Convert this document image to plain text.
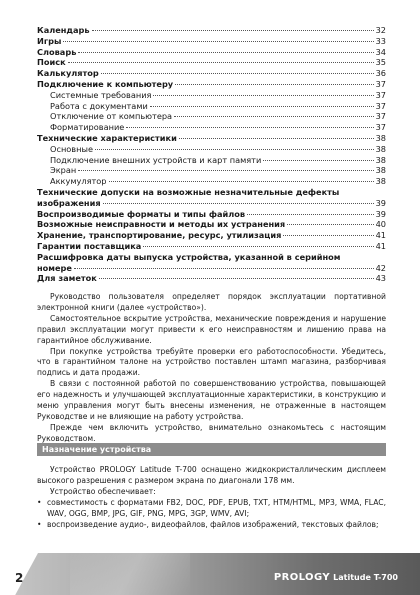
Календарь	32
Игры	33
Словарь	34
Поиск	35
Калькулятор	36
Подключение к компьютеру	37
Системные требования	37
Работа с документами	37
Отключение от компьютера	37
Форматирование	37
Технические характеристики	38
Основные	38
Подключение внешних устройств и карт памяти	38
Экран	38
Аккумулятор	38
Технические допуски на возможные незначительные дефекты
изображения	39
Воспроизводимые форматы и типы файлов	39
Возможные неисправности и методы их устранения	40
Хранение, транспортирование, ресурс, утилизация	41
Гарантии поставщика	41
Расшифровка даты выпуска устройства, указанной в серийном
номере	42
Для заметок	43

Руководство пользователя определяет порядок эксплуатации портативной электронной книги (далее «устройство»).

Самостоятельное вскрытие устройства, механические повреждения и нарушение правил эксплуатации могут привести к его неисправностям и лишению права на гарантийное обслуживание.

При покупке устройства требуйте проверки его работоспособности. Убедитесь, что в гарантийном талоне на устройство поставлен штамп магазина, разборчивая подпись и дата продажи.

В связи с постоянной работой по совершенствованию устройства, повышающей его надежность и улучшающей эксплуатационные характеристики, в конструкцию и меню управления могут быть внесены изменения, не отраженные в настоящем Руководстве и не влияющие на работу устройства.

Прежде чем включить устройство, внимательно ознакомьтесь с настоящим Руководством.

Назначение устройства

Устройство PROLOGY Latitude T-700 оснащено жидкокристаллическим дисплеем высокого разрешения с размером экрана по диагонали 178 мм.

Устройство обеспечивает:

• совместимость с форматами FB2, DOC, PDF, EPUB, TXT, HTM/HTML, MP3, WMA, FLAC, WAV, OGG, BMP, JPG, GIF, PNG, MPG, 3GP, WMV, AVI;
• воспроизведение аудио-, видеофайлов, файлов изображений, текстовых файлов;
2	PROLOGY Latitude T-700
